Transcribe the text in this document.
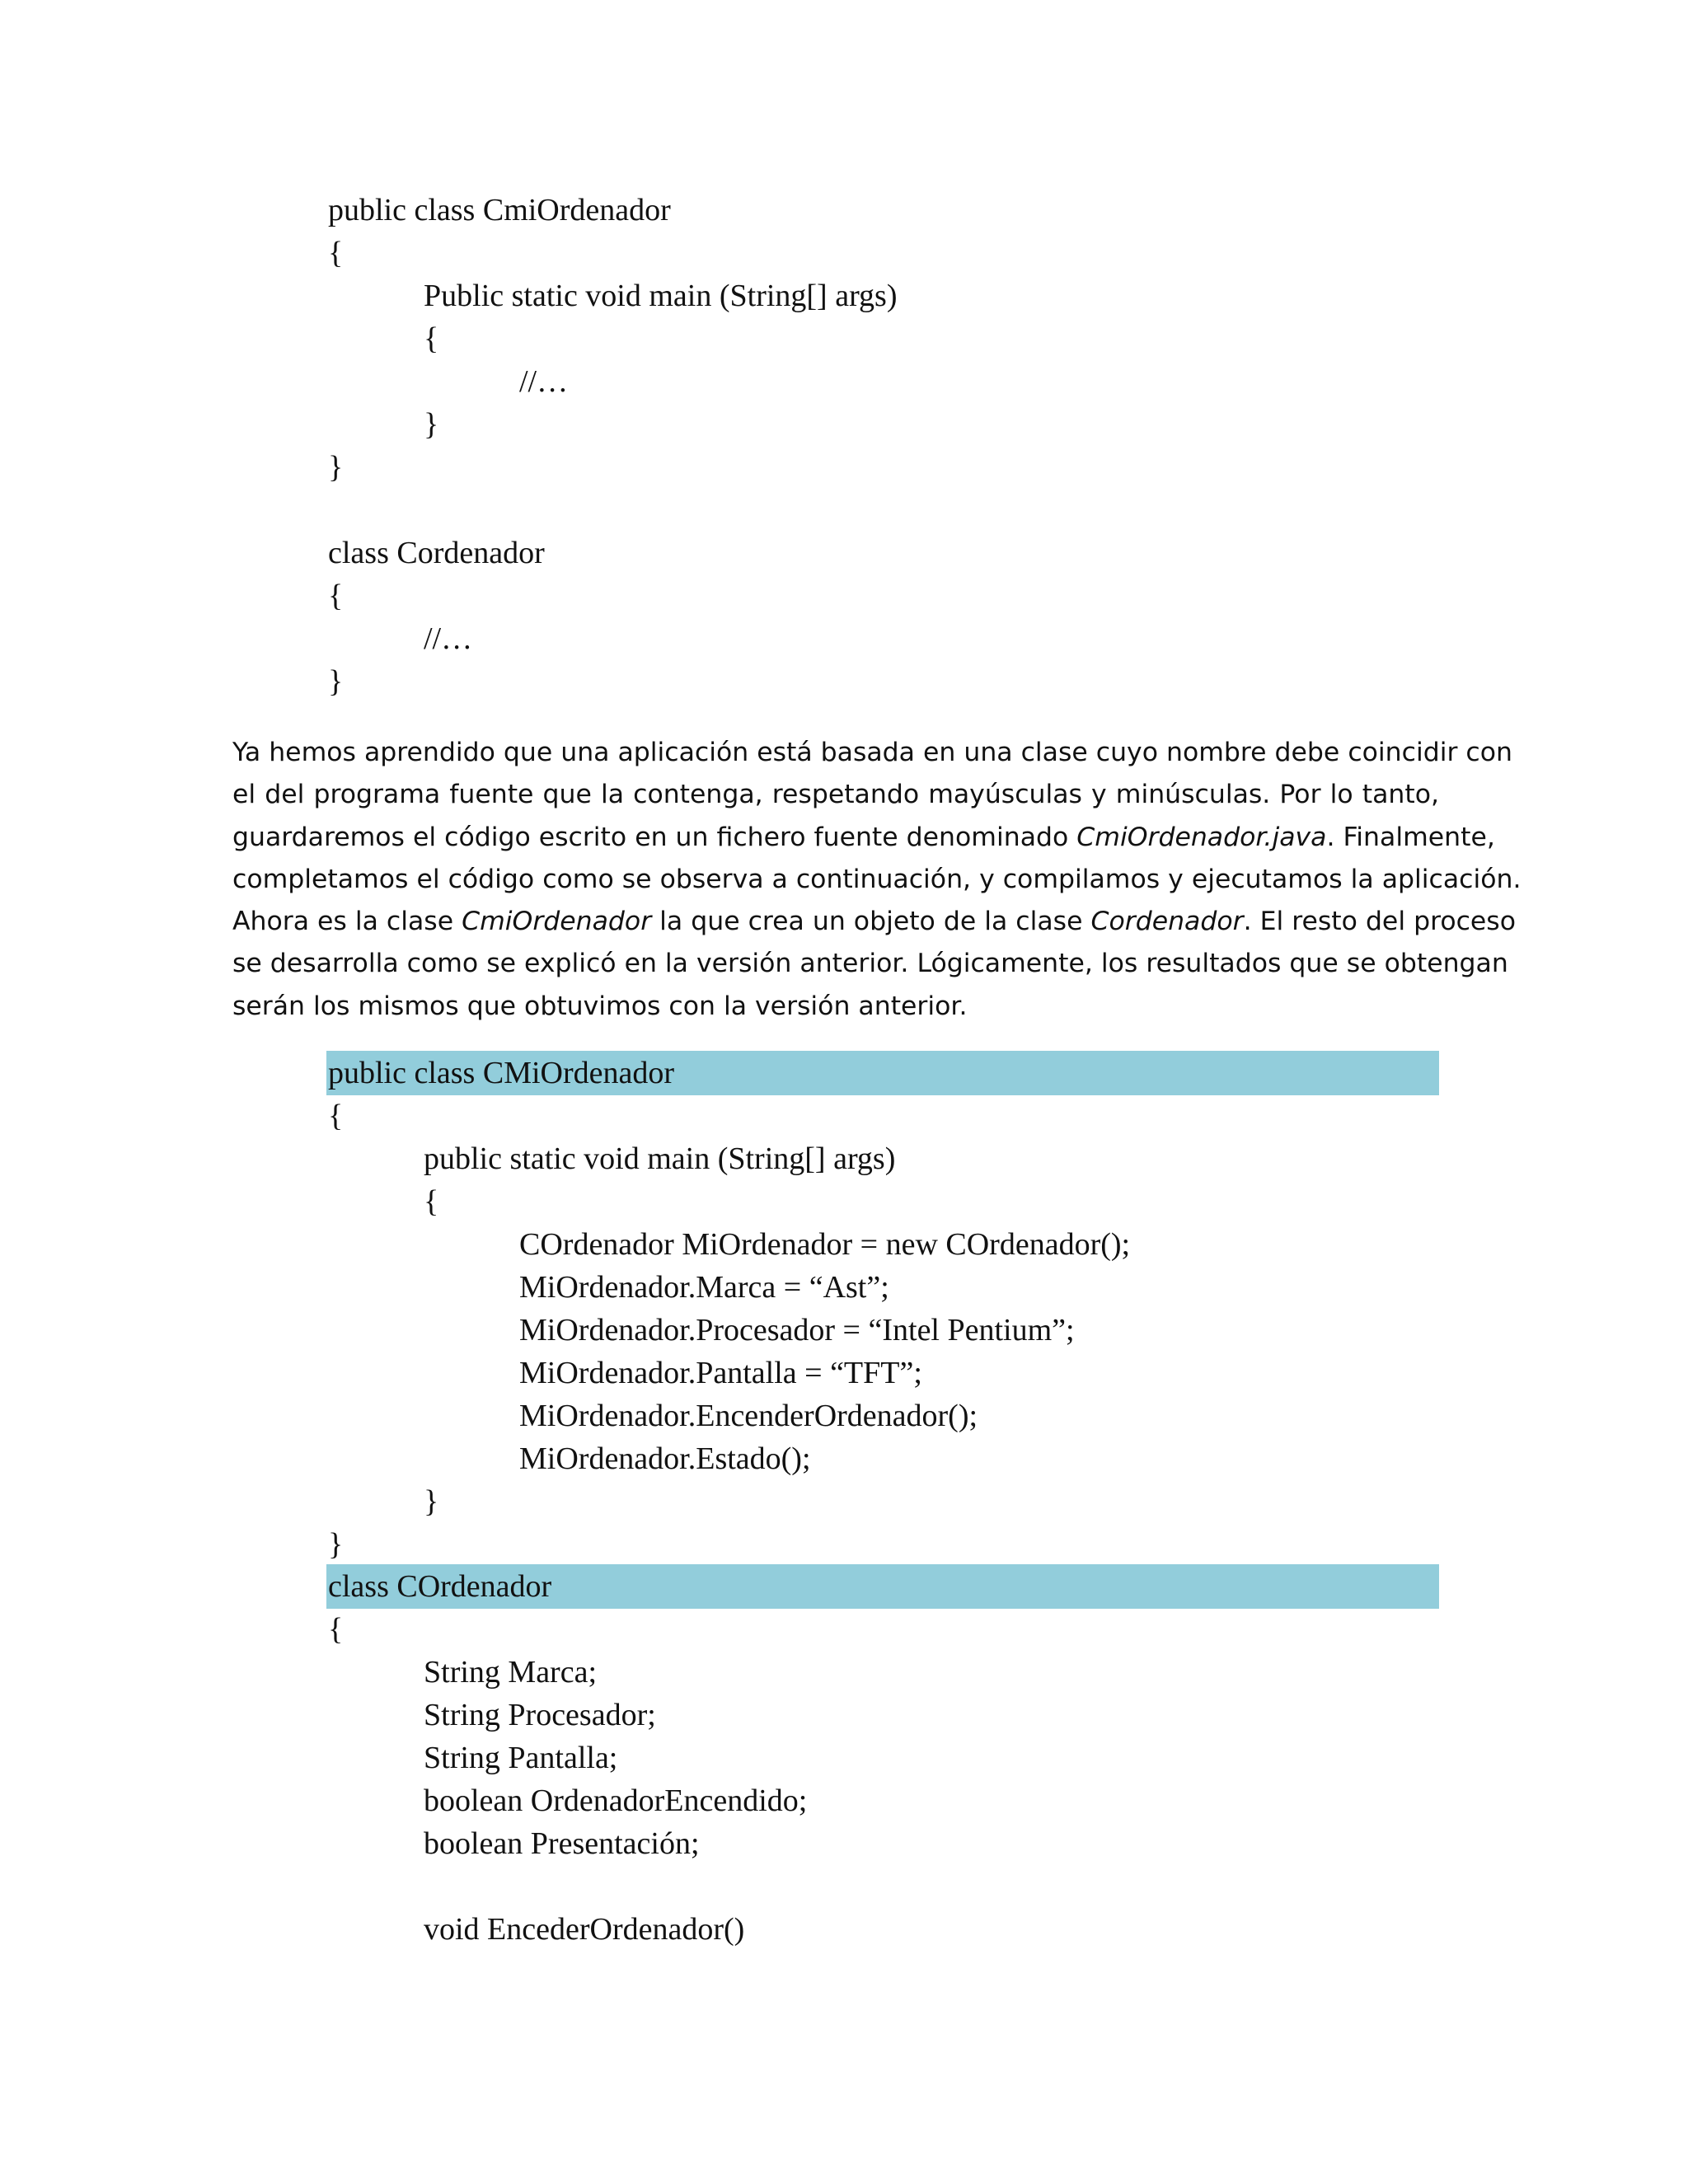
public class CmiOrdenador
{
Public static void main (String[] args)
{
//…
}
}
class Cordenador
{
//…
}
Ya hemos aprendido que una aplicación está basada en una clase cuyo nombre debe coincidir con
el del programa fuente que la contenga, respetando mayúsculas y minúsculas. Por lo tanto,
guardaremos el código escrito en un fichero fuente denominado CmiOrdenador.java. Finalmente,
completamos el código como se observa a continuación, y compilamos y ejecutamos la aplicación.
Ahora es la clase CmiOrdenador la que crea un objeto de la clase Cordenador. El resto del proceso
se desarrolla como se explicó en la versión anterior. Lógicamente, los resultados que se obtengan
serán los mismos que obtuvimos con la versión anterior.
public class CMiOrdenador
{
public static void main (String[] args)
{
COrdenador MiOrdenador = new COrdenador();
MiOrdenador.Marca = “Ast”;
MiOrdenador.Procesador = “Intel Pentium”;
MiOrdenador.Pantalla = “TFT”;
MiOrdenador.EncenderOrdenador();
MiOrdenador.Estado();
}
}
class COrdenador
{
String Marca;
String Procesador;
String Pantalla;
boolean OrdenadorEncendido;
boolean Presentación;
void EncederOrdenador()
